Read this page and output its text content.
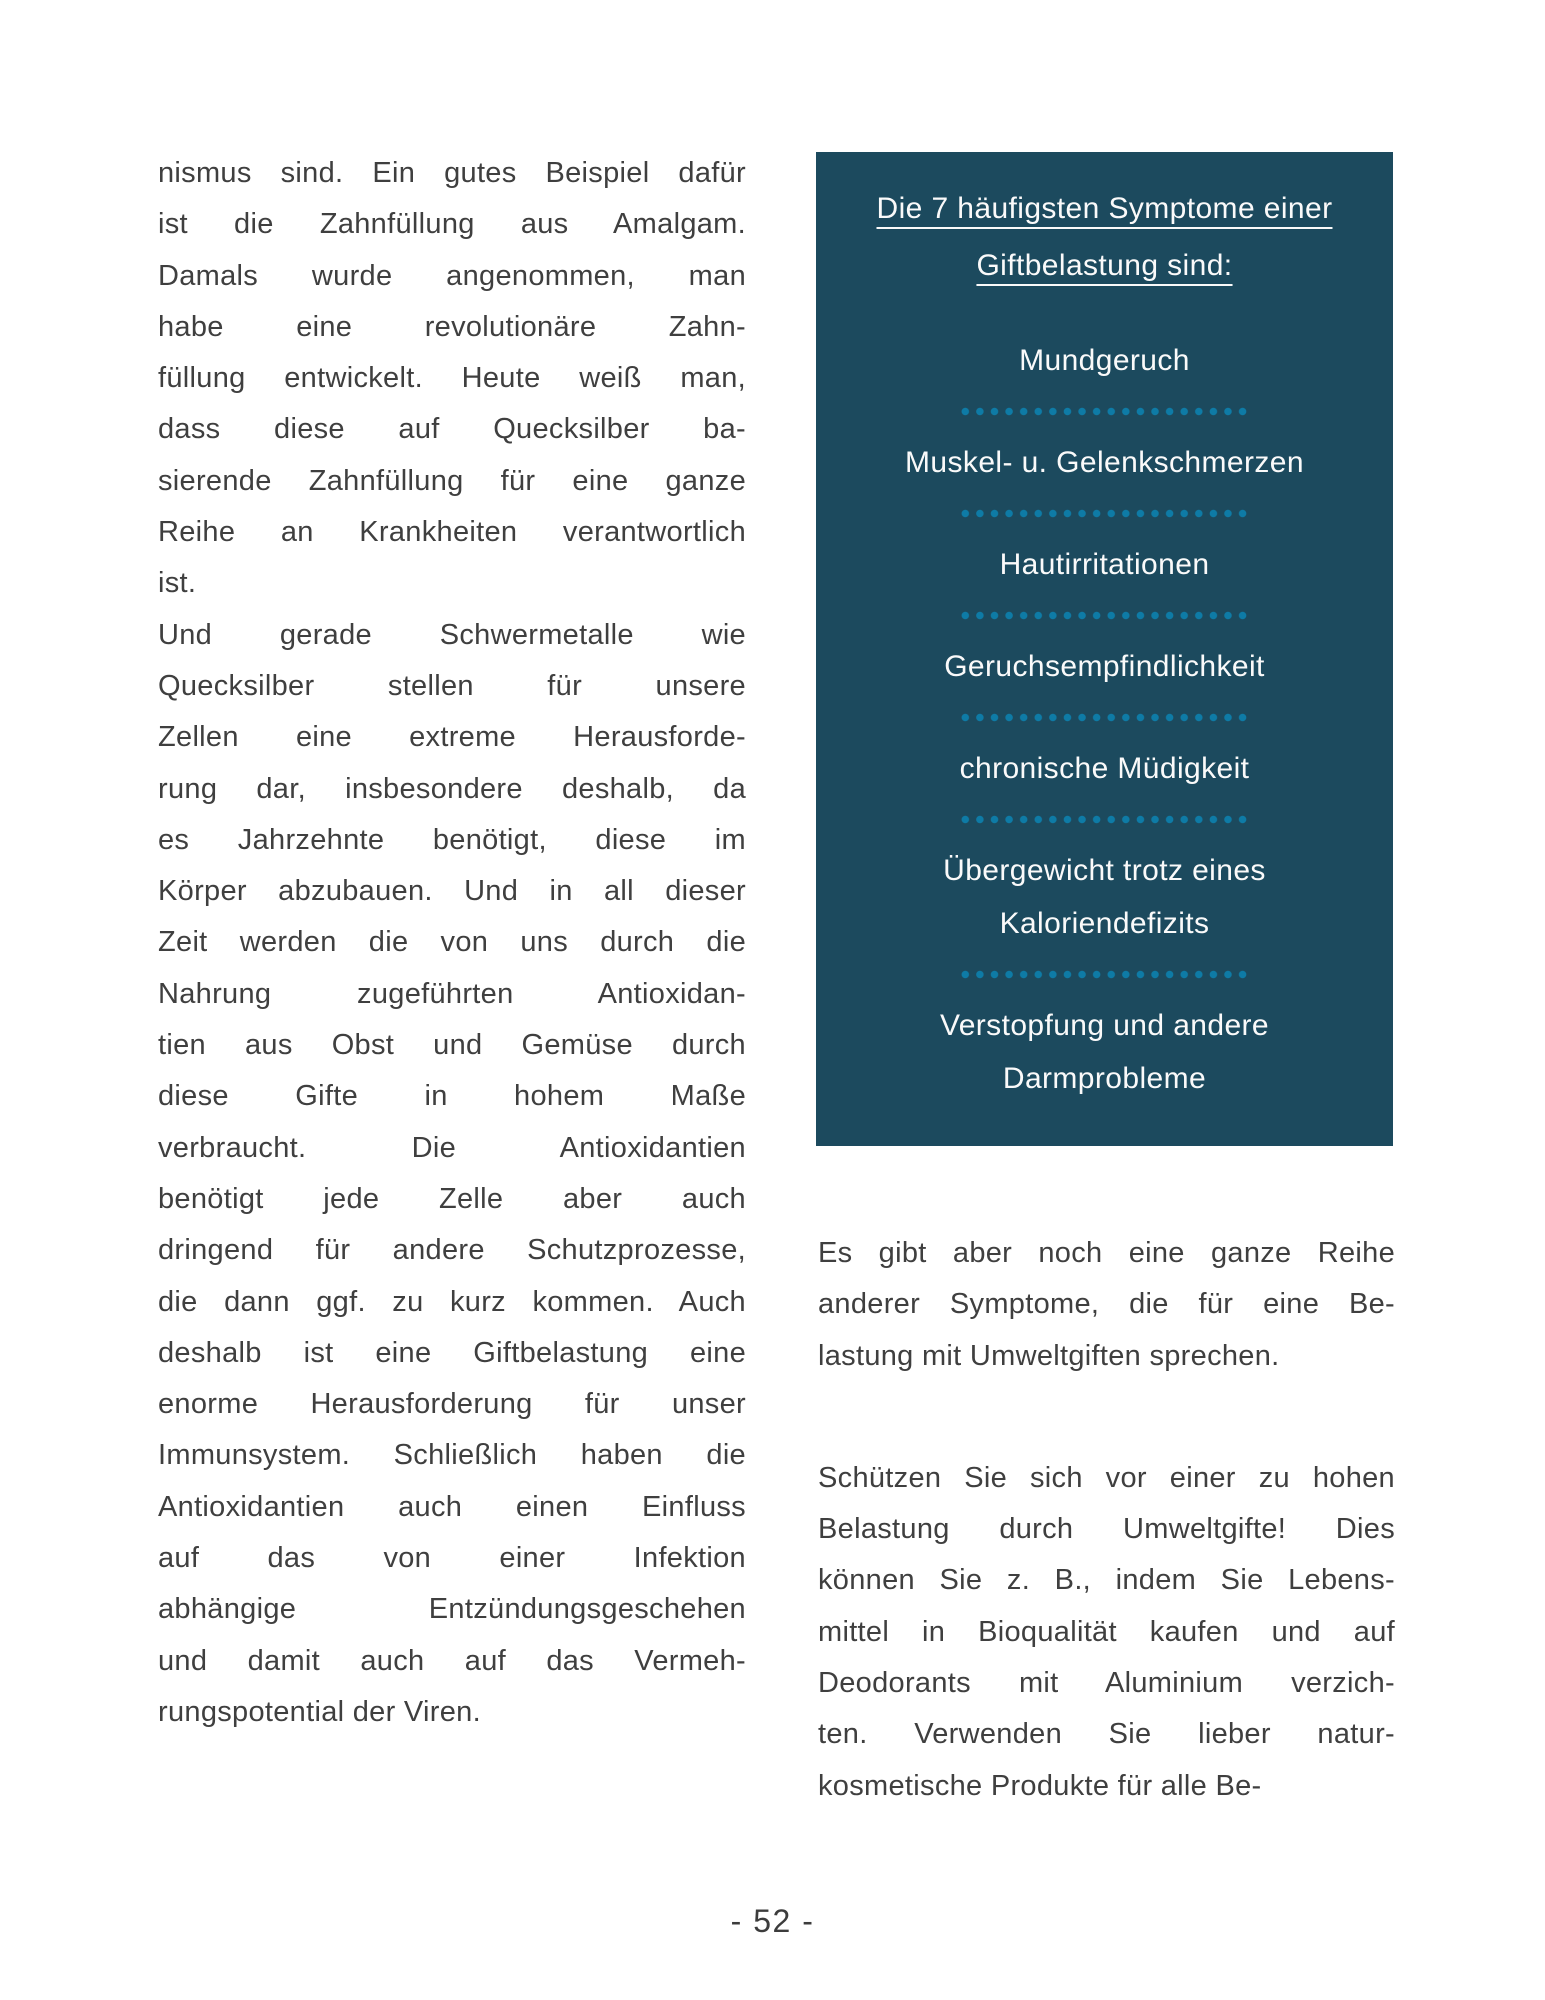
nismus sind. Ein gutes Beispiel dafür
ist die Zahnfüllung aus Amalgam.
Damals wurde angenommen, man
habe eine revolutionäre Zahn-
füllung entwickelt. Heute weiß man,
dass diese auf Quecksilber ba-
sierende Zahnfüllung für eine ganze
Reihe an Krankheiten verantwortlich
ist.
Und gerade Schwermetalle wie
Quecksilber stellen für unsere
Zellen eine extreme Herausforde-
rung dar, insbesondere deshalb, da
es Jahrzehnte benötigt, diese im
Körper abzubauen. Und in all dieser
Zeit werden die von uns durch die
Nahrung zugeführten Antioxidan-
tien aus Obst und Gemüse durch
diese Gifte in hohem Maße
verbraucht. Die Antioxidantien
benötigt jede Zelle aber auch
dringend für andere Schutzprozesse,
die dann ggf. zu kurz kommen. Auch
deshalb ist eine Giftbelastung eine
enorme Herausforderung für unser
Immunsystem. Schließlich haben die
Antioxidantien auch einen Einfluss
auf das von einer Infektion
abhängige Entzündungsgeschehen
und damit auch auf das Vermeh-
rungspotential der Viren.
Die 7 häufigsten Symptome einer
Giftbelastung sind:
Mundgeruch
Muskel- u. Gelenkschmerzen
Hautirritationen
Geruchsempfindlichkeit
chronische Müdigkeit
Übergewicht trotz eines
Kaloriendefizits
Verstopfung und andere
Darmprobleme
Es gibt aber noch eine ganze Reihe
anderer Symptome, die für eine Be-
lastung mit Umweltgiften sprechen.
Schützen Sie sich vor einer zu hohen
Belastung durch Umweltgifte! Dies
können Sie z. B., indem Sie Lebens-
mittel in Bioqualität kaufen und auf
Deodorants mit Aluminium verzich-
ten. Verwenden Sie lieber natur-
kosmetische Produkte für alle Be-
- 52 -
